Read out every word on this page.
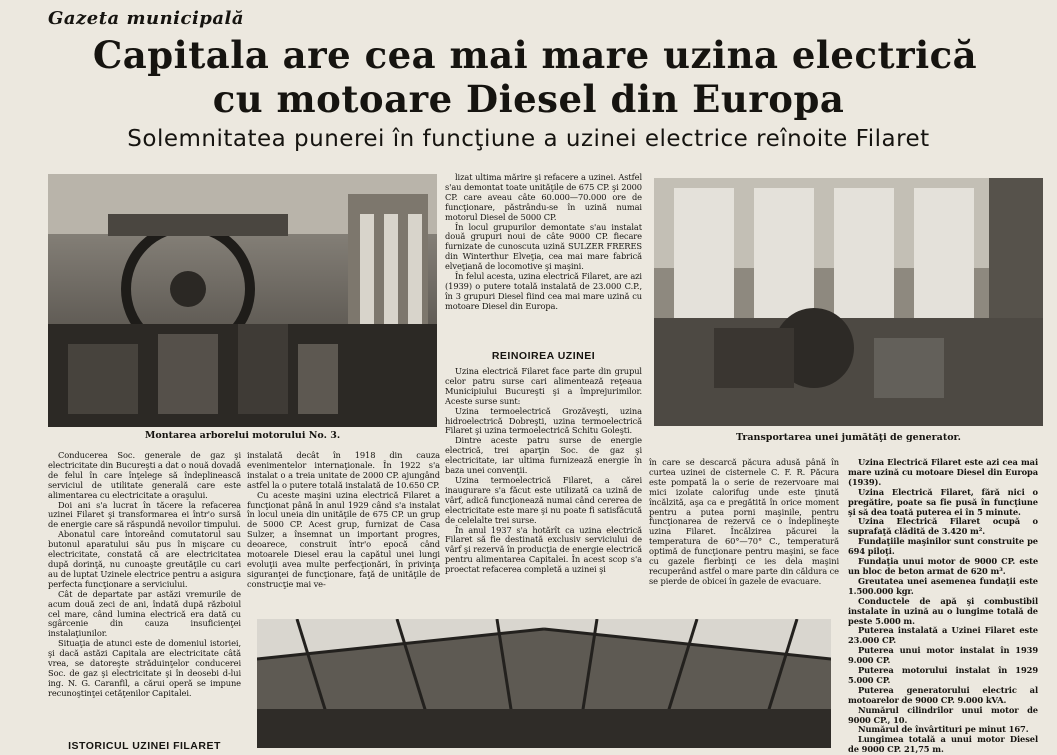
Gazeta municipală
Capitala are cea mai mare uzina electrică
cu motoare Diesel din Europa
Solemnitatea punerei în funcţiune a uzinei electrice reînoite Filaret
Montarea arborelui motorului No. 3.

lizat ultima mărire şi refacere a uzinei. Astfel s'au demontat toate unităţile de 675 CP. şi 2000 CP. care aveau câte 60.000—70.000 ore de funcţionare, păstrându-se în uzină numai motorul Diesel de 5000 CP.

În locul grupurilor demontate s'au instalat două grupuri noui de câte 9000 CP. fiecare furnizate de cunoscuta uzină SULZER FRERES din Winterthur Elveţia, cea mai mare fabrică elveţiană de locomotive şi maşini.

În felul acesta, uzina electrică Filaret, are azi (1939) o putere totală instalată de 23.000 C.P., în 3 grupuri Diesel fiind cea mai mare uzină cu motoare Diesel din Europa.

REINOIREA UZINEI

Uzina electrică Filaret face parte din grupul celor patru surse cari alimentează reţeaua Municipiului Bucureşti şi a împrejurimilor. Aceste surse sunt:

Uzina termoelectrică Grozăveşti, uzina hidroelectrică Dobreşti, uzina termoelectrică Filaret şi uzina termoelectrică Schitu Goleşti.

Dintre aceste patru surse de energie electrică, trei aparţin Soc. de gaz şi electricitate, iar ultima furnizează energie în baza unei convenţii.

Uzina termoelectrică Filaret, a cărei inaugurare s'a făcut este utilizată ca uzină de vârf, adică funcţionează numai când cererea de electricitate este mare şi nu poate fi satisfăcută de celelalte trei surse.

În anul 1937 s'a hotărît ca uzina electrică Filaret să fie destinată exclusiv serviciului de vârf şi rezervă în producţia de energie electrică pentru alimentarea Capitalei. În acest scop s'a proectat refacerea completă a uzinei şi

Transportarea unei jumătăţi de generator.

Conducerea Soc. generale de gaz şi electricitate din Bucureşti a dat o nouă dovadă de felul în care înţelege să îndeplinească serviciul de utilitate generală care este alimentarea cu electricitate a oraşului.

Doi ani s'a lucrat în tăcere la refacerea uzinei Filaret şi transformarea ei într'o sursă de energie care să răspundă nevoilor timpului.

Abonatul care întoreând comutatorul sau butonul aparatului său pus în mişcare cu electricitate, constată că are electricitatea după dorinţă, nu cunoaşte greutăţile cu cari au de luptat Uzinele electrice pentru a asigura perfecta funcţionare a serviciului.

Cât de departate par astăzi vremurile de acum două zeci de ani, îndată după războiul cel mare, când lumina electrică era dată cu sgârcenie din cauza insuficienţei instalaţiunilor.

Situaţia de atunci este de domeniul istoriei, şi dacă astăzi Capitala are electricitate câtă vrea, se datoreşte străduinţelor conducerei Soc. de gaz şi electricitate şi în deosebi d-lui ing. N. G. Caranfil, a cărui operă se impune recunoştinţei cetăţenilor Capitalei.

ISTORICUL UZINEI FILARET

instalată decât în 1918 din cauza evenimentelor internaţionale. În 1922 s'a instalat o a treia unitate de 2000 CP. ajungând astfel la o putere totală instalată de 10.650 CP.

Cu aceste maşini uzina electrică Filaret a funcţionat până în anul 1929 când s'a instalat în locul uneia din unităţile de 675 CP. un grup de 5000 CP. Acest grup, furnizat de Casa Sulzer, a însemnat un important progres, deoarece, construit într'o epocă când motoarele Diesel erau la capătul unei lungi evoluţii avea multe perfecţionări, în privinţa siguranţei de funcţionare, faţă de unităţile de construcţie mai ve-

în care se descarcă păcura adusă până în curtea uzinei de cisternele C. F. R. Păcura este pompată la o serie de rezervoare mai mici izolate calorifug unde este ţinută încălzită, aşa ca e pregătită în orice moment pentru a putea porni maşinile, pentru funcţionarea de rezervă ce o îndeplineşte uzina Filaret. Încălzirea păcurei la temperatura de 60°—70° C., temperatură optimă de funcţionare pentru maşini, se face cu gazele fierbinţi ce ies dela maşini recuperând astfel o mare parte din căldura ce se pierde de obicei în gazele de evacuare.

Uzina Electrică Filaret este azi cea mai mare uzină cu motoare Diesel din Europa (1939).

Uzina Electrică Filaret, fără nici o pregătire, poate sa fie pusă în funcţiune şi să dea toată puterea ei în 5 minute.

Uzina Electrică Filaret ocupă o suprafaţă clădită de 3.420 m².

Fundaţiile maşinilor sunt construite pe 694 piloţi.

Fundaţia unui motor de 9000 CP. este un bloc de beton armat de 620 m³.

Greutatea unei asemenea fundaţii este 1.500.000 kgr.

Conductele de apă şi combustibil instalate în uzină au o lungime totală de peste 5.000 m.

Puterea instalată a Uzinei Filaret este 23.000 CP.

Puterea unui motor instalat în 1939 9.000 CP.

Puterea motorului instalat în 1929 5.000 CP.

Puterea generatorului electric al motoarelor de 9000 CP. 9.000 kVA.

Numărul cilindrilor unui motor de 9000 CP., 10.

Numărul de învârtituri pe minut 167.

Lungimea totală a unui motor Diesel de 9000 CP. 21,75 m.
